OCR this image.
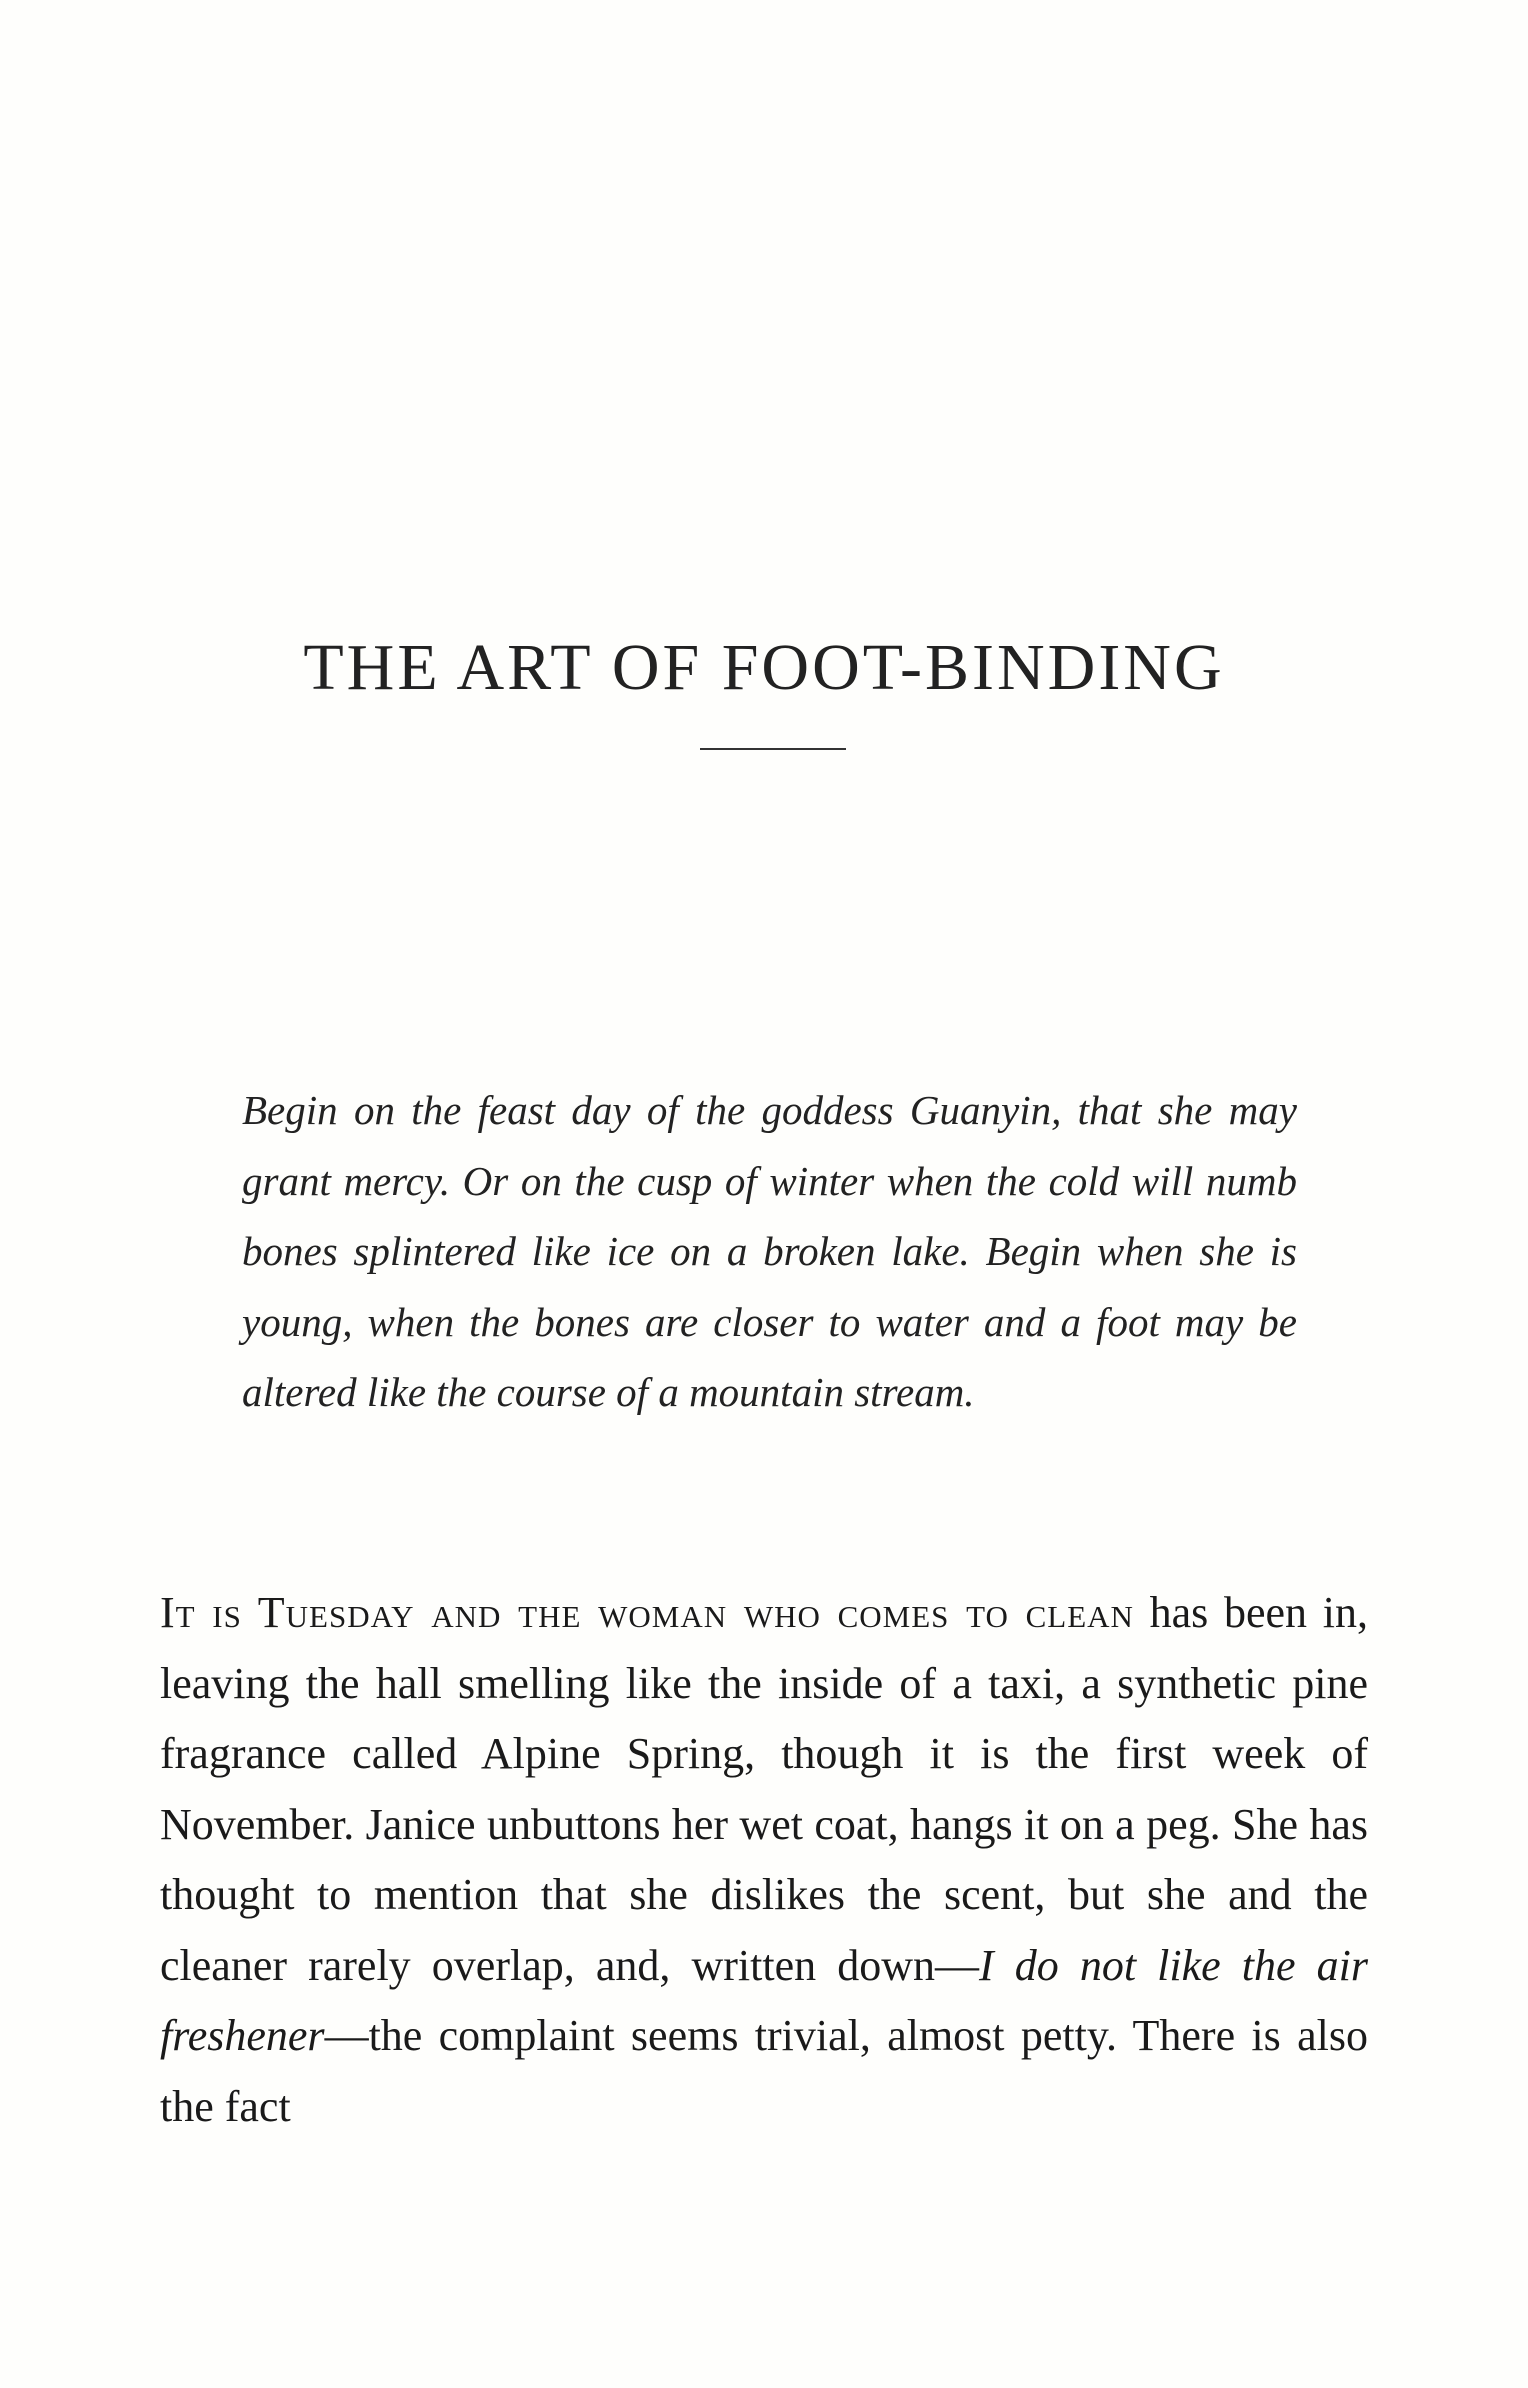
THE ART OF FOOT-BINDING

Begin on the feast day of the goddess Guanyin, that she may grant mercy. Or on the cusp of winter when the cold will numb bones splintered like ice on a broken lake. Begin when she is young, when the bones are closer to water and a foot may be altered like the course of a mountain stream.

It is Tuesday and the woman who comes to clean has been in, leaving the hall smelling like the inside of a taxi, a synthetic pine fragrance called Alpine Spring, though it is the first week of November. Janice unbuttons her wet coat, hangs it on a peg. She has thought to mention that she dislikes the scent, but she and the cleaner rarely overlap, and, written down—I do not like the air freshener—the complaint seems trivial, almost petty. There is also the fact
